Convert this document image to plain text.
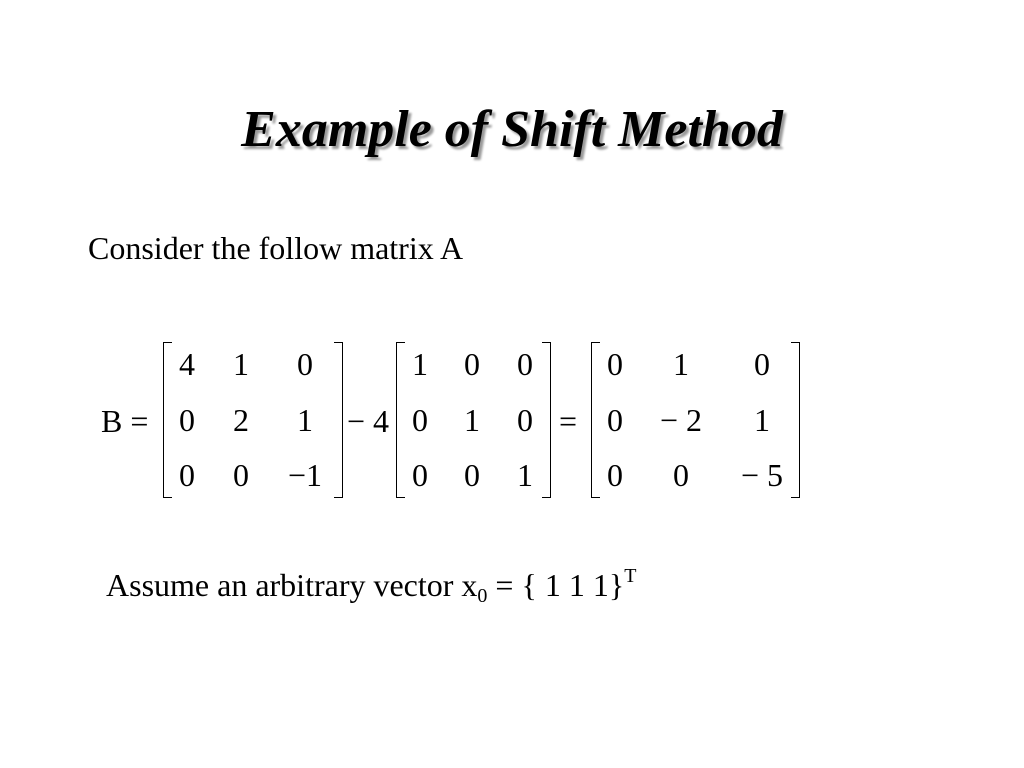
Example of Shift Method

Consider the follow matrix A

B =
4 1 0
0 2 1
0 0 −1
− 4
1 0 0
0 1 0
0 0 1
=
0 1 0
0 − 2 1
0 0 − 5

Assume an arbitrary vector $x_0$ = { 1 1 1}$^T$
